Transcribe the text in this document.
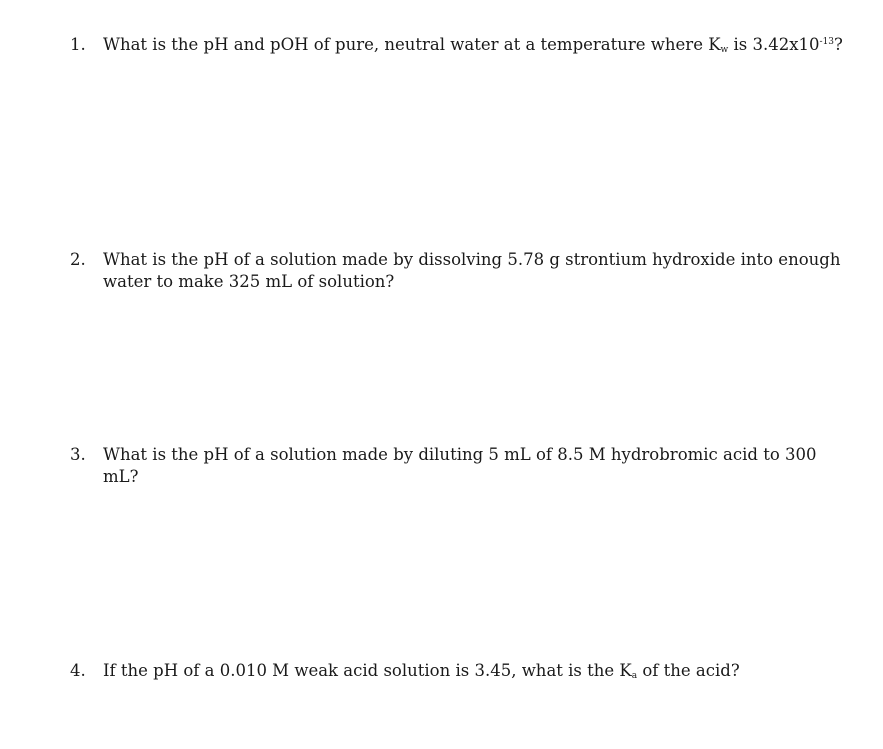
1.	What is the pH and pOH of pure, neutral water at a temperature where $K_w$ is $3.42x10^{-13}$?
2.	What is the pH of a solution made by dissolving 5.78 g strontium hydroxide into enough
water to make 325 mL of solution?
3.	What is the pH of a solution made by diluting 5 mL of 8.5 M hydrobromic acid to 300 mL?
4.	If the pH of a 0.010 M weak acid solution is 3.45, what is the $K_a$ of the acid?
